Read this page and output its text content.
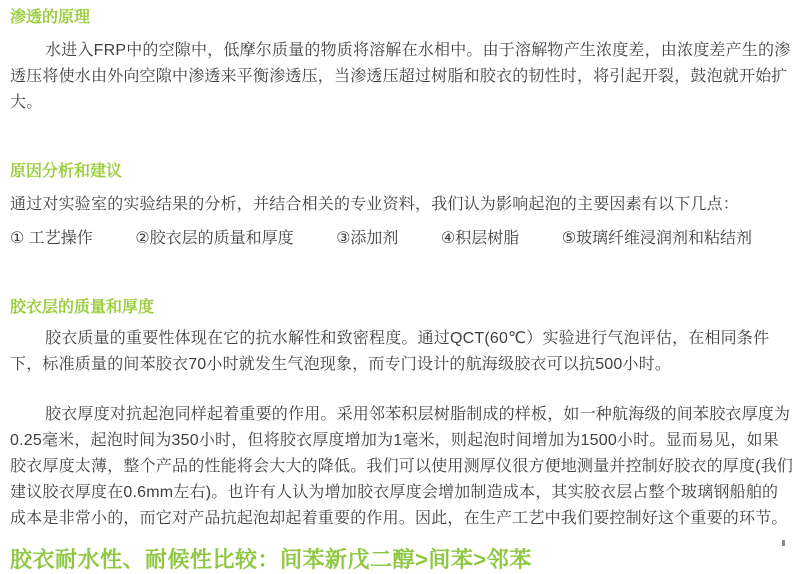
渗透的原理

水进入FRP中的空隙中，低摩尔质量的物质将溶解在水相中。由于溶解物产生浓度差，由浓度差产生的渗透压将使水由外向空隙中渗透来平衡渗透压，当渗透压超过树脂和胶衣的韧性时，将引起开裂，鼓泡就开始扩大。

原因分析和建议

通过对实验室的实验结果的分析，并结合相关的专业资料，我们认为影响起泡的主要因素有以下几点：

① 工艺操作	②胶衣层的质量和厚度	③添加剂	④积层树脂	⑤玻璃纤维浸润剂和粘结剂
胶衣层的质量和厚度

胶衣质量的重要性体现在它的抗水解性和致密程度。通过QCT(60℃）实验进行气泡评估，在相同条件下，标准质量的间苯胶衣70小时就发生气泡现象，而专门设计的航海级胶衣可以抗500小时。

胶衣厚度对抗起泡同样起着重要的作用。采用邻苯积层树脂制成的样板，如一种航海级的间苯胶衣厚度为0.25毫米，起泡时间为350小时，但将胶衣厚度增加为1毫米，则起泡时间增加为1500小时。显而易见，如果胶衣厚度太薄，整个产品的性能将会大大的降低。我们可以使用测厚仪很方便地测量并控制好胶衣的厚度(我们建议胶衣厚度在0.6mm左右)。也许有人认为增加胶衣厚度会增加制造成本，其实胶衣层占整个玻璃钢船舶的成本是非常小的，而它对产品抗起泡却起着重要的作用。因此，在生产工艺中我们要控制好这个重要的环节。

胶衣耐水性、耐候性比较：间苯新戊二醇>间苯>邻苯
